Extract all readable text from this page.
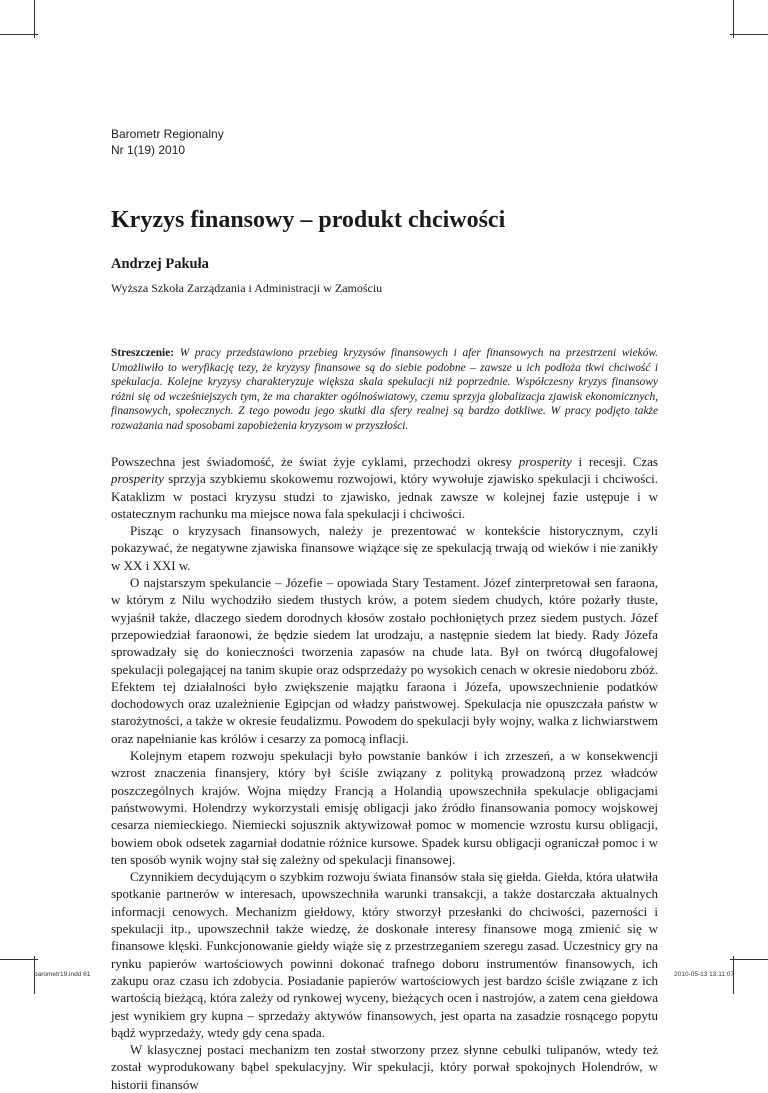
Barometr Regionalny
Nr 1(19) 2010
Kryzys finansowy – produkt chciwości
Andrzej Pakuła
Wyższa Szkoła Zarządzania i Administracji w Zamościu

Streszczenie: W pracy przedstawiono przebieg kryzysów finansowych i afer finansowych na przestrzeni wieków. Umożliwiło to weryfikację tezy, że kryzysy finansowe są do siebie podobne – zawsze u ich podłoża tkwi chciwość i spekulacja. Kolejne kryzysy charakteryzuje większa skala spekulacji niż poprzednie. Współczesny kryzys finansowy różni się od wcześniejszych tym, że ma charakter ogólnoświatowy, czemu sprzyja globalizacja zjawisk ekonomicznych, finansowych, społecznych. Z tego powodu jego skutki dla sfery realnej są bardzo dotkliwe. W pracy podjęto także rozważania nad sposobami zapobieżenia kryzysom w przyszłości.

Powszechna jest świadomość, że świat żyje cyklami, przechodzi okresy prosperity i recesji. Czas prosperity sprzyja szybkiemu skokowemu rozwojowi, który wywołuje zjawisko spekulacji i chciwości. Kataklizm w postaci kryzysu studzi to zjawisko, jednak zawsze w kolejnej fazie ustępuje i w ostatecznym rachunku ma miejsce nowa fala spekulacji i chciwości.

Pisząc o kryzysach finansowych, należy je prezentować w kontekście historycznym, czyli pokazywać, że negatywne zjawiska finansowe wiążące się ze spekulacją trwają od wieków i nie zanikły w XX i XXI w.

O najstarszym spekulancie – Józefie – opowiada Stary Testament. Józef zinterpretował sen faraona, w którym z Nilu wychodziło siedem tłustych krów, a potem siedem chudych, które pożarły tłuste, wyjaśnił także, dlaczego siedem dorodnych kłosów zostało pochłoniętych przez siedem pustych. Józef przepowiedział faraonowi, że będzie siedem lat urodzaju, a następnie siedem lat biedy. Rady Józefa sprowadzały się do konieczności tworzenia zapasów na chude lata. Był on twórcą długofalowej spekulacji polegającej na tanim skupie oraz odsprzedaży po wysokich cenach w okresie niedoboru zbóż. Efektem tej działalności było zwiększenie majątku faraona i Józefa, upowszechnienie podatków dochodowych oraz uzależnienie Egipcjan od władzy państwowej. Spekulacja nie opuszczała państw w starożytności, a także w okresie feudalizmu. Powodem do spekulacji były wojny, walka z lichwiarstwem oraz napełnianie kas królów i cesarzy za pomocą inflacji.

Kolejnym etapem rozwoju spekulacji było powstanie banków i ich zrzeszeń, a w konsekwencji wzrost znaczenia finansjery, który był ściśle związany z polityką prowadzoną przez władców poszczególnych krajów. Wojna między Francją a Holandią upowszechniła spekulacje obligacjami państwowymi. Holendrzy wykorzystali emisję obligacji jako źródło finansowania pomocy wojskowej cesarza niemieckiego. Niemiecki sojusznik aktywizował pomoc w momencie wzrostu kursu obligacji, bowiem obok odsetek zagarniał dodatnie różnice kursowe. Spadek kursu obligacji ograniczał pomoc i w ten sposób wynik wojny stał się zależny od spekulacji finansowej.

Czynnikiem decydującym o szybkim rozwoju świata finansów stała się giełda. Giełda, która ułatwiła spotkanie partnerów w interesach, upowszechniła warunki transakcji, a także dostarczała aktualnych informacji cenowych. Mechanizm giełdowy, który stworzył przesłanki do chciwości, pazerności i spekulacji itp., upowszechnił także wiedzę, że doskonałe interesy finansowe mogą zmienić się w finansowe klęski. Funkcjonowanie giełdy wiąże się z przestrzeganiem szeregu zasad. Uczestnicy gry na rynku papierów wartościowych powinni dokonać trafnego doboru instrumentów finansowych, ich zakupu oraz czasu ich zdobycia. Posiadanie papierów wartościowych jest bardzo ściśle związane z ich wartością bieżącą, która zależy od rynkowej wyceny, bieżących ocen i nastrojów, a zatem cena giełdowa jest wynikiem gry kupna – sprzedaży aktywów finansowych, jest oparta na zasadzie rosnącego popytu bądź wyprzedaży, wtedy gdy cena spada.

W klasycznej postaci mechanizm ten został stworzony przez słynne cebulki tulipanów, wtedy też został wyprodukowany bąbel spekulacyjny. Wir spekulacji, który porwał spokojnych Holendrów, w historii finansów

barometr19.indd 61	2010-05-13 13:11:07
